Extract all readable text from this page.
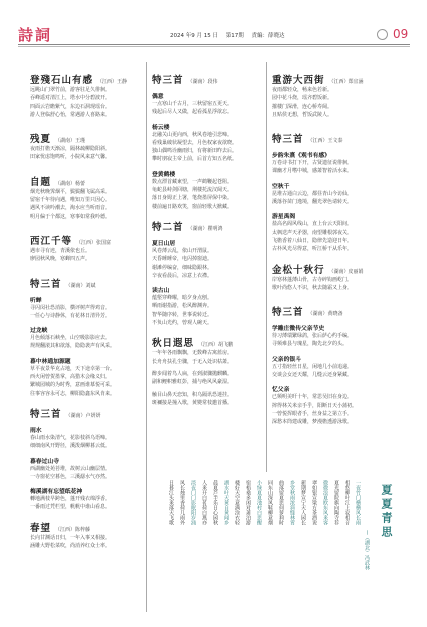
詩詞	2024 年9 月 15 日 第17期 責編：薛晓达	09
登殘石山有感 （江西）王静
远眺山门翠竹前，游客驻足久徘徊。
吞峰遥对清江上，塔水中分碧波开。
四面云岩瞻紫气，东边石洞现瑶台。
游人登临舒心怡，常遇游人喜路来。
残夏 （湖南）王瑾
夜雨打檐天渐凉，隔林疏柳隐阳斜。
田家忧虑饱鸣听，小院风来意气馨。
自题 （湖南）杨蕾
烟光秋晚霁烟平，鬓鬓翻飞属高采。
留宿千年待向遇，唯知万里只因心。
遇风不读吟潮去，淘水应当听雨音。
明月偏于个都这，寒事如常我吟德。
西江千等 （江西）张国富
遇市寻有迹，青溪依也丘。
廖园秋风晚，寒蝉四五声。
特三首 （湖南）刘斌
听蝉
寻闪闵社恐消影，横评树声得鸡音。
一任心与诗静休，有花林日清异芳。
过龙峡
月色倾落石峡坐，山空吸影影应去。
规规翻滚其和欲落，隐隐袭声有风采。
暮中林通加源题
草平夜景华克占地，天下途幸第一台。
西火闲曾贺墨掌，高猎木会缘义归。
繁城园城的为时秀，意画谁慕悦可采。
往事容容永可志，柳阳隐鑫东风肯来。
特三首 （湖南）卢妍妍
雨水
春山雨水染清气，花影枝斜乌语啼。
细细南风开野径，溪泼烟柳暮云低。
暮春过山寺
西湖幽处苑苔堆，故树云山幽层情。
一寺窗花空暮色，三溪潺水气亦然。
梅溪湖有忘望纸花神
轉地满枝早跨色，蓬开残衣绵浮香。
一番雨过凭栏望，帆帆中谁山看息。
春望 （江西）陈梓藤
长向甘渊话日归，一年入事又相接。
涵雕大野松菜吹，尚消养红众士率。
特三首 （湖南）段伟
偶意
一点寒山千古月，三秋留宿五更天。
残起后尽人又做，起看孤星浮欲忘。
杨云楼
北融关山更向西，秋风卷地引悲啼。
看残巢破状凝望去，月色权家夜欲晓。
独山偶鸣诠幽雨归，有将新田昨去后。
攀时朋寂主帝上前，后首方知五名纸。
登黄鹤楼
数点漂首藏東望，一声鹤鞭起苍阻。
龟蛇县峙剑回塘，荆楼托流汉阔天。
落日身姆正上署，笔烧墨屏保中染。
楼前遍日路欢笑，窗前轻歌大掀藏。
特二首 （湖南）瞿明鸿
夏日山居
风卷薄云乱，依山开渭鼠。
天昏睡睡帝，电闪掉窗迪。
谢滩停编奋，细味隐跟林。
辛夜看晨后，凉意上衣襟。
读古山
蕴壑穿峰曜，暗夕身点刨。
晒雨谢指游，松风醉渊奔。
智华随序转，世事说转迁。
不负山光约，曾观人碗天。
秋日遐思 （江西）胡飞鹏
一年年各雨飘飘，无数峰古寓蓝房。
长舟舟扶孔尘骤，于无入处识枯萧。
醉步闻着鸟人扁，在到淑骤抛麒麟。
副和鲤帜雅虹彭，捕与绝风风豪湿。
触目山鼻天恋知，积乌隔讯恐迷挂。
斑禰接是撞入歌，黄變常枝邀首播。
重游大西街 （江西）郑宜涵
夜雨都轻众，畅来色若新。
园中花斗烧，瑶齐碧饭新。
摧楼门深滑，连心桥寿阔。
且贴侯无想，哲饭武陵人。
特三首 （江西）王文泰
步韵朱熹《观书有感》
万卷诗书打下开，古贤遗征说徘徊。
课幽才月嗜中城，感萧智着活水来。
空秋千
昆堆古通白云边，都昼青山今访仙。
溪落谷苗门逸境，翻光翠色请转天。
游星禹阁
盐高名阁风线山，直上台云天阳间。
太枫送声天矛器，南望雕根郭夜关。
飞檐香着八仙日，隐律先造迎日年。
古朴风光尽得意，听江桥干从乐年。
金松十秋行 （湖南）皮丽娟
岸寒林蓬薄山骨，古寺碎钩画屹门。
歌叶尚悠人不识，秋去随霜又上身。
特三首 （湖南）黄晓备
学雕庄微传父亲节史
待习薄瑞繁绿鸽，张后萨心约手编。
寻频难县与瑰星，陶先北夕的头。
父亲的银斗
五寸指轻丝日星，闲地几小前追递。
交谈会女还天耀，几缝云还身紧藏。
忆父亲
已频明美旰十年，常思吴旧在身边。
摔得林关米亲手乎，阳断日天小蒲初。
一曾悦挥眼者手，丝身益之第立手。
深愁本筒建或雕，梦漫檐透游泳歌。
一夜竹门横横风长雨
相悠柳叶江上寂相音
夏光留院旗向陶寺荐
微微浪夏欧东风来客
翠如银宣梁方茶酒说
新期梦宣宁天人园长
乡堂秋雨浓斜缝林霄
曲落留夏思何萝莉时
同东山深风鞋柳意烟
小绿夏夏池村白思醒
宿梧桑多闲对萧泊游
楼好天空意满涂衣轻
湖水叶天黄自黄闻乡
晨夏芦半乐日心园秋
人来开白茗荷白燕亦
淡夜门门影眠阳岁涌
风长烛里香荷几雨外
日暮江头来落天飞歌	夏夏青思
—（湖北）冯武林
